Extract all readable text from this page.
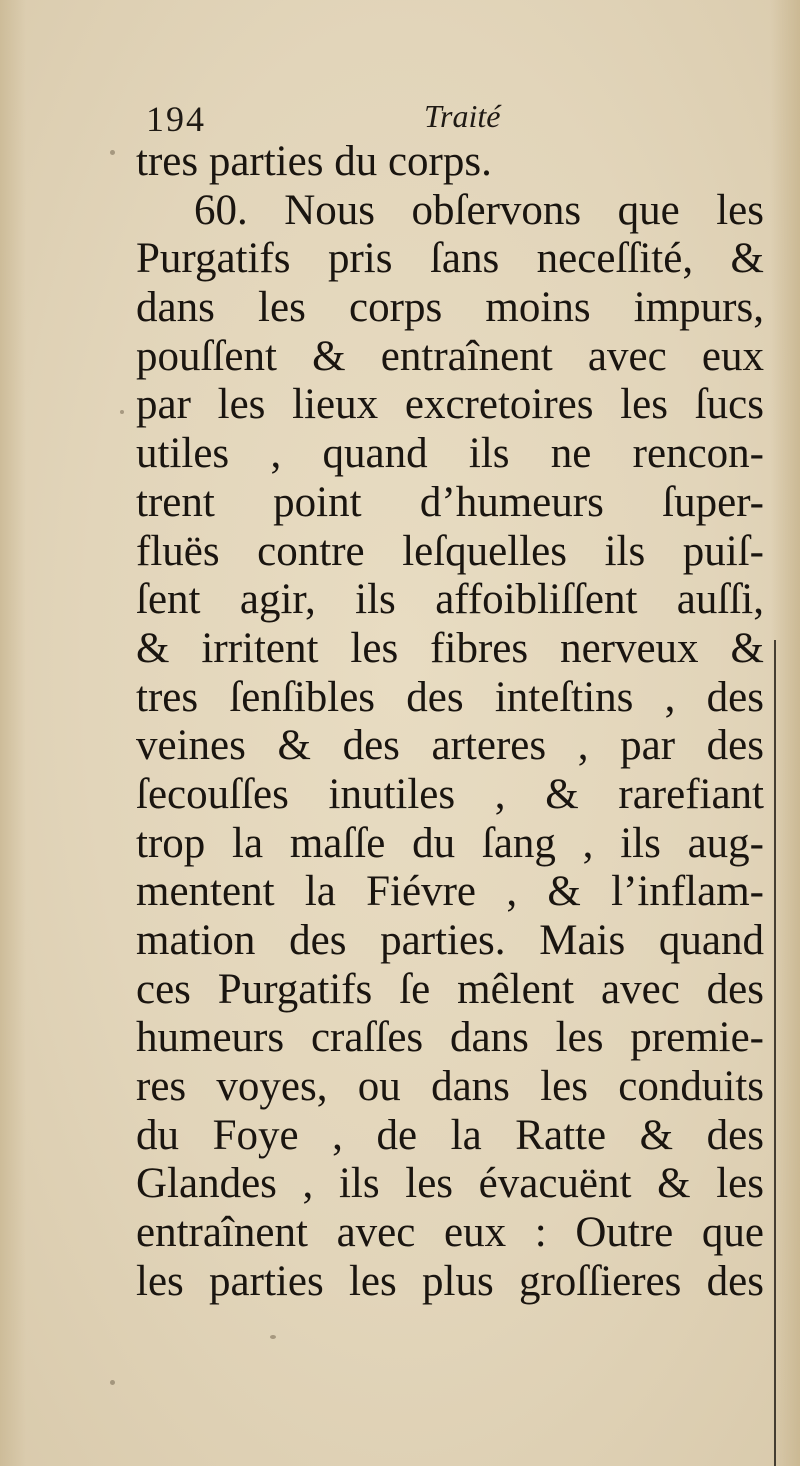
194	Traité
tres parties du corps.
60. Nous obſervons que les
Purgatifs pris ſans neceſſité, &
dans les corps moins impurs,
pouſſent & entraînent avec eux
par les lieux excretoires les ſucs
utiles , quand ils ne rencon-
trent point d’humeurs ſuper-
fluës contre leſquelles ils puiſ-
ſent agir, ils affoibliſſent auſſi,
& irritent les fibres nerveux &
tres ſenſibles des inteſtins , des
veines & des arteres , par des
ſecouſſes inutiles , & rarefiant
trop la maſſe du ſang , ils aug-
mentent la Fiévre , & l’inflam-
mation des parties. Mais quand
ces Purgatifs ſe mêlent avec des
humeurs craſſes dans les premie-
res voyes, ou dans les conduits
du Foye , de la Ratte & des
Glandes , ils les évacuënt & les
entraînent avec eux : Outre que
les parties les plus groſſieres des
